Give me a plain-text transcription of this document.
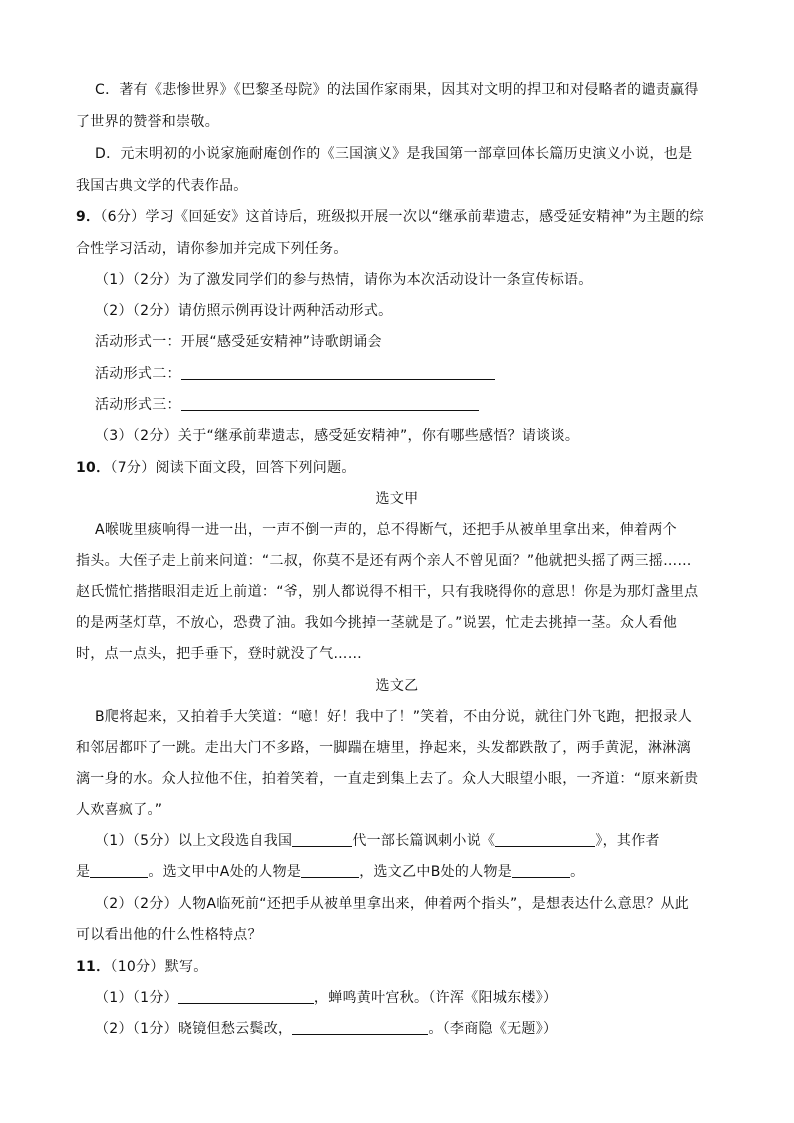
C．著有《悲惨世界》《巴黎圣母院》的法国作家雨果，因其对文明的捍卫和对侵略者的谴责赢得
了世界的赞誉和崇敬。
D．元末明初的小说家施耐庵创作的《三国演义》是我国第一部章回体长篇历史演义小说，也是
我国古典文学的代表作品。
9．（6分）学习《回延安》这首诗后，班级拟开展一次以“继承前辈遗志，感受延安精神”为主题的综
合性学习活动，请你参加并完成下列任务。
（1）（2分）为了激发同学们的参与热情，请你为本次活动设计一条宣传标语。
（2）（2分）请仿照示例再设计两种活动形式。
活动形式一：开展“感受延安精神”诗歌朗诵会
活动形式二：
活动形式三：
（3）（2分）关于“继承前辈遗志，感受延安精神”，你有哪些感悟？请谈谈。
10．（7分）阅读下面文段，回答下列问题。
选文甲
A喉咙里痰响得一进一出，一声不倒一声的，总不得断气，还把手从被单里拿出来，伸着两个
指头。大侄子走上前来问道：“二叔，你莫不是还有两个亲人不曾见面？”他就把头摇了两三摇……
赵氏慌忙揩揩眼泪走近上前道：“爷，别人都说得不相干，只有我晓得你的意思！你是为那灯盏里点
的是两茎灯草，不放心，恐费了油。我如今挑掉一茎就是了。”说罢，忙走去挑掉一茎。众人看他
时，点一点头，把手垂下，登时就没了气……
选文乙
B爬将起来，又拍着手大笑道：“噫！好！我中了！”笑着，不由分说，就往门外飞跑，把报录人
和邻居都吓了一跳。走出大门不多路，一脚踹在塘里，挣起来，头发都跌散了，两手黄泥，淋淋漓
漓一身的水。众人拉他不住，拍着笑着，一直走到集上去了。众人大眼望小眼，一齐道：“原来新贵
人欢喜疯了。”
（1）（5分）以上文段选自我国	代一部长篇讽刺小说《	》，其作者
是	。选文甲中A处的人物是	，选文乙中B处的人物是	。
（2）（2分）人物A临死前“还把手从被单里拿出来，伸着两个指头”，是想表达什么意思？从此
可以看出他的什么性格特点？
11．（10分）默写。
（1）（1分）	，蝉鸣黄叶宫秋。（许浑《阳城东楼》）
（2）（1分）晓镜但愁云鬓改，	。（李商隐《无题》）
